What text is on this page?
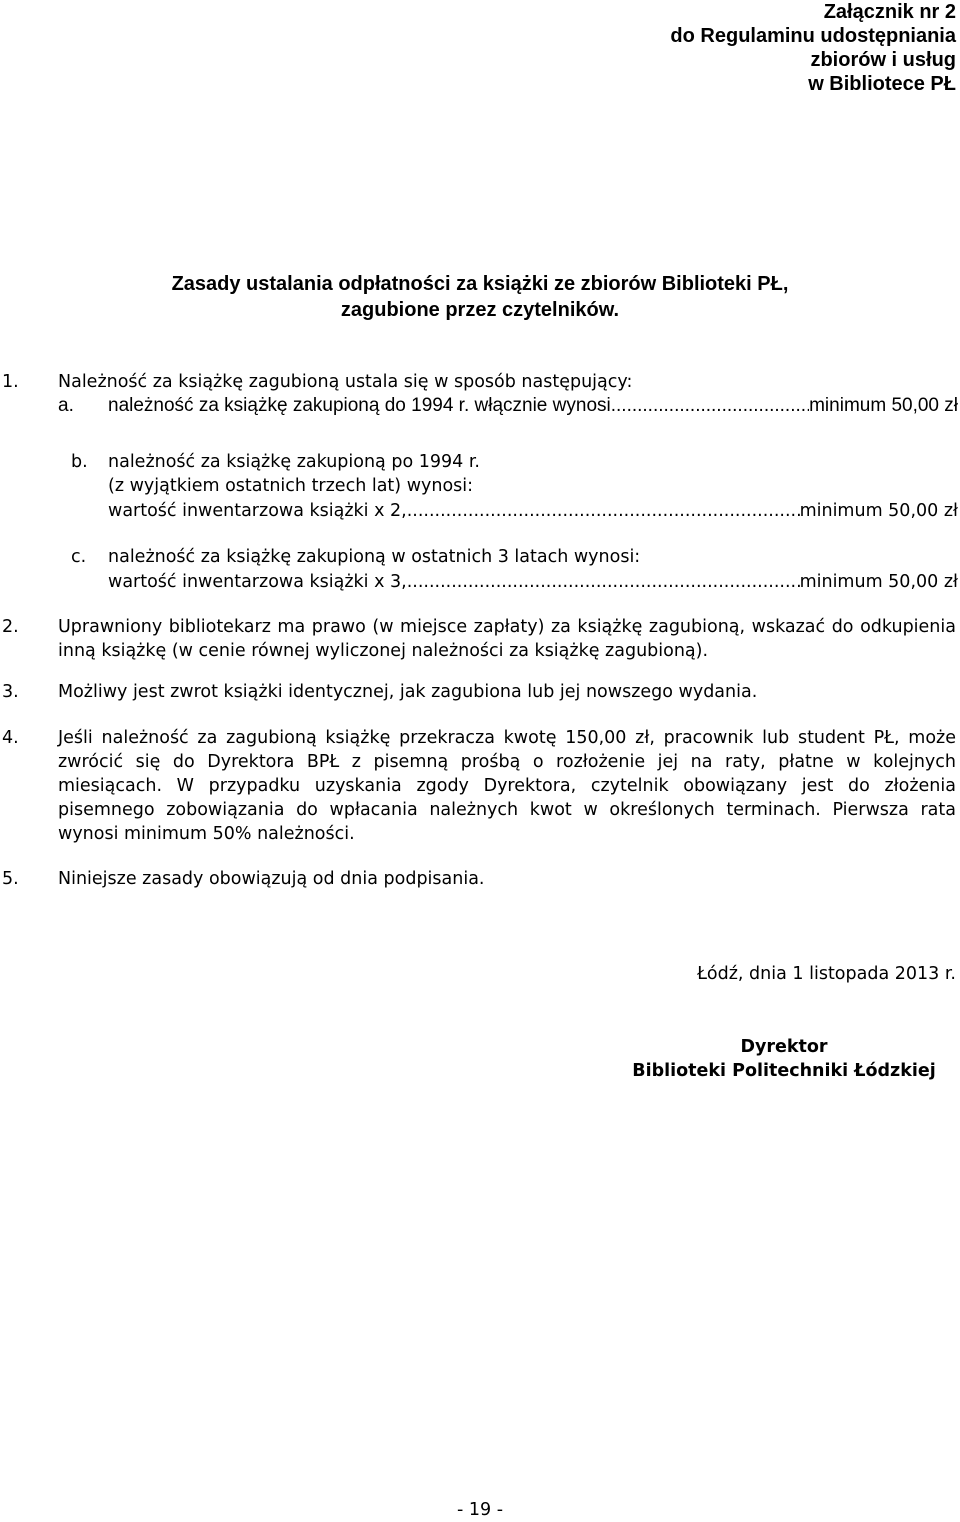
Załącznik nr 2
do Regulaminu udostępniania
zbiorów i usług
w Bibliotece PŁ
Zasady ustalania odpłatności za książki ze zbiorów Biblioteki PŁ,
zagubione przez czytelników.
1. Należność za książkę zagubioną ustala się w sposób następujący:
a. należność za książkę zakupioną do 1994 r. włącznie wynosi .....	minimum 50,00 zł
b. należność za książkę zakupioną po 1994 r.
(z wyjątkiem ostatnich trzech lat) wynosi:
wartość inwentarzowa książki x 2, .....	minimum 50,00 zł
c. należność za książkę zakupioną w ostatnich 3 latach wynosi:
wartość inwentarzowa książki x 3, .....	minimum 50,00 zł
2. Uprawniony bibliotekarz ma prawo (w miejsce zapłaty) za książkę zagubioną, wskazać do odkupienia inną książkę (w cenie równej wyliczonej należności za książkę zagubioną).
3. Możliwy jest zwrot książki identycznej, jak zagubiona lub jej nowszego wydania.
4. Jeśli należność za zagubioną książkę przekracza kwotę 150,00 zł, pracownik lub student PŁ, może zwrócić się do Dyrektora BPŁ z pisemną prośbą o rozłożenie jej na raty, płatne w kolejnych miesiącach. W przypadku uzyskania zgody Dyrektora, czytelnik obowiązany jest do złożenia pisemnego zobowiązania do wpłacania należnych kwot w określonych terminach. Pierwsza rata wynosi minimum 50% należności.
5. Niniejsze zasady obowiązują od dnia podpisania.
Łódź, dnia 1 listopada 2013 r.
Dyrektor
Biblioteki Politechniki Łódzkiej
- 19 -
